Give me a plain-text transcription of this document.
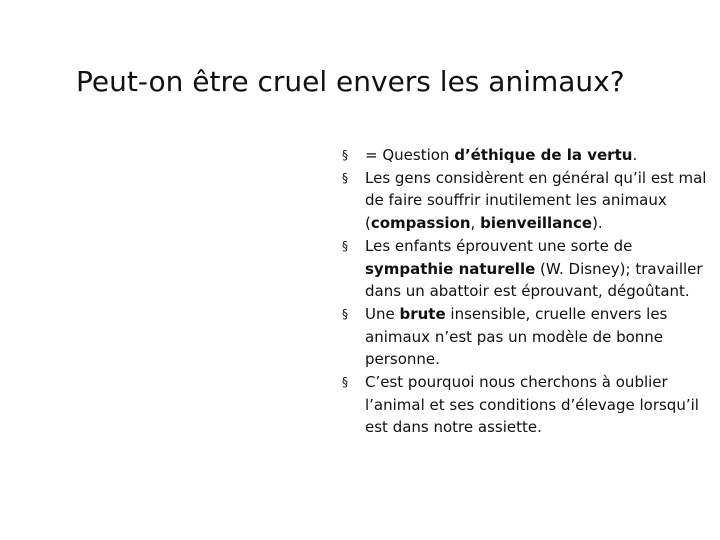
Peut-on être cruel envers les animaux?
§ = Question d’éthique de la vertu.
§ Les gens considèrent en général qu’il est mal de faire souffrir inutilement les animaux (compassion, bienveillance).
§ Les enfants éprouvent une sorte de sympathie naturelle (W. Disney); travailler dans un abattoir est éprouvant, dégoûtant.
§ Une brute insensible, cruelle envers les animaux n’est pas un modèle de bonne personne.
§ C’est pourquoi nous cherchons à oublier l’animal et ses conditions d’élevage lorsqu’il est dans notre assiette.
